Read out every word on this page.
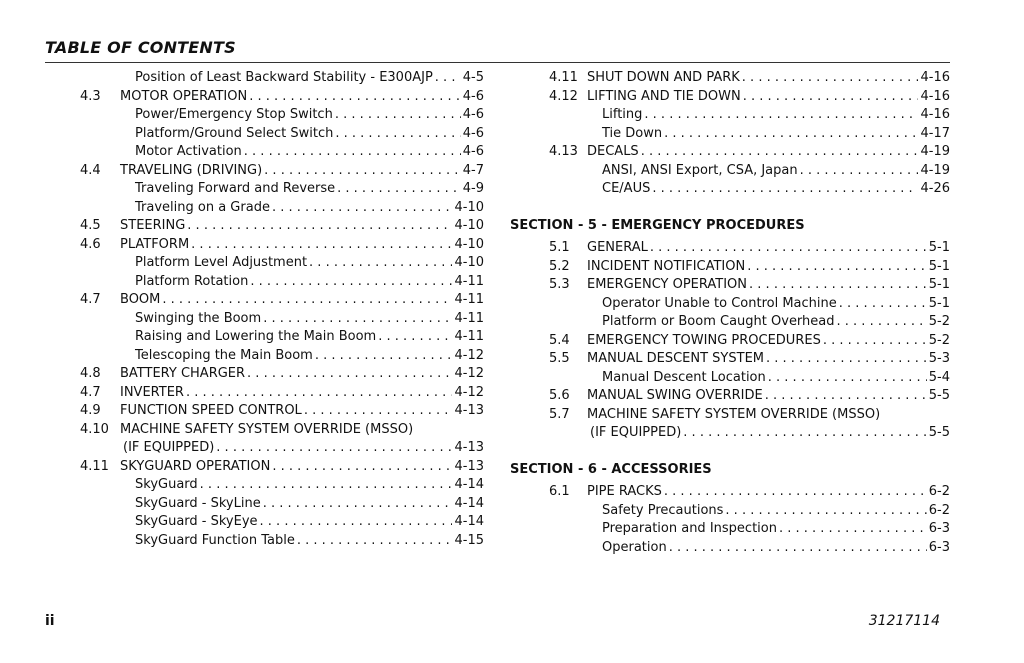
TABLE OF CONTENTS
Position of Least Backward Stability - E300AJP . . . 4-5
4.3 MOTOR OPERATION . . .	4-6
Power/Emergency Stop Switch . . .	4-6
Platform/Ground Select Switch . . .	4-6
Motor Activation . . .	4-6
4.4 TRAVELING (DRIVING) . . .	4-7
Traveling Forward and Reverse . . .	4-9
Traveling on a Grade . . .	4-10
4.5 STEERING . . .	4-10
4.6 PLATFORM . . .	4-10
Platform Level Adjustment . . .	4-10
Platform Rotation . . .	4-11
4.7 BOOM . . .	4-11
Swinging the Boom . . .	4-11
Raising and Lowering the Main Boom . . .	4-11
Telescoping the Main Boom . . .	4-12
4.8 BATTERY CHARGER . . .	4-12
4.7 INVERTER . . .	4-12
4.9 FUNCTION SPEED CONTROL . . .	4-13
4.10 MACHINE SAFETY SYSTEM OVERRIDE (MSSO)
(IF EQUIPPED) . . .	4-13
4.11 SKYGUARD OPERATION . . .	4-13
SkyGuard . . .	4-14
SkyGuard - SkyLine . . .	4-14
SkyGuard - SkyEye . . .	4-14
SkyGuard Function Table . . .	4-15
4.11 SHUT DOWN AND PARK . . .	4-16
4.12 LIFTING AND TIE DOWN . . .	4-16
Lifting . . .	4-16
Tie Down . . .	4-17
4.13 DECALS . . .	4-19
ANSI, ANSI Export, CSA, Japan . . .	4-19
CE/AUS . . .	4-26
SECTION - 5 - EMERGENCY PROCEDURES
5.1 GENERAL . . .	5-1
5.2 INCIDENT NOTIFICATION . . .	5-1
5.3 EMERGENCY OPERATION . . .	5-1
Operator Unable to Control Machine . . .	5-1
Platform or Boom Caught Overhead . . .	5-2
5.4 EMERGENCY TOWING PROCEDURES . . .	5-2
5.5 MANUAL DESCENT SYSTEM . . .	5-3
Manual Descent Location . . .	5-4
5.6 MANUAL SWING OVERRIDE . . .	5-5
5.7 MACHINE SAFETY SYSTEM OVERRIDE (MSSO)
(IF EQUIPPED) . . .	5-5
SECTION - 6 - ACCESSORIES
6.1 PIPE RACKS . . .	6-2
Safety Precautions . . .	6-2
Preparation and Inspection . . .	6-3
Operation . . .	6-3
ii	31217114
